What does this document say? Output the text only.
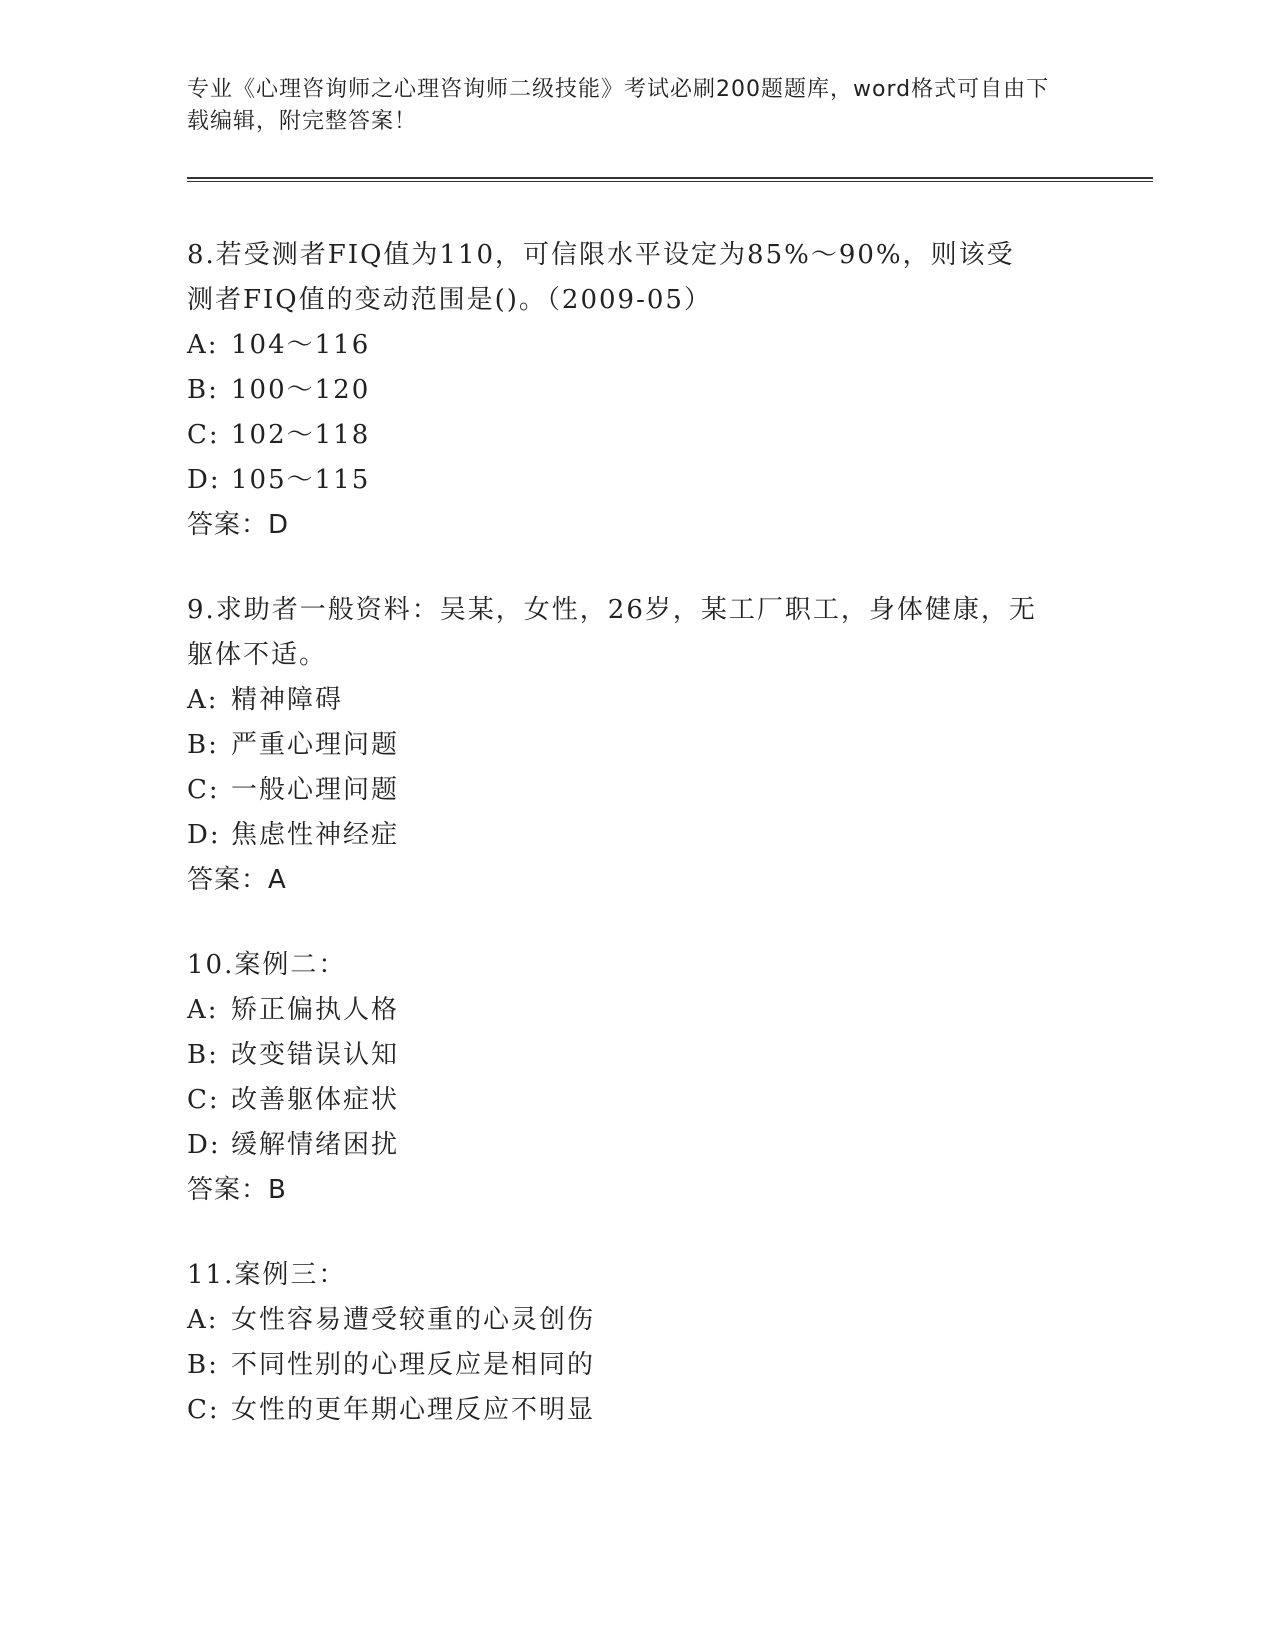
专业《心理咨询师之心理咨询师二级技能》考试必刷200题题库，word格式可自由下载编辑，附完整答案！

8.若受测者FIQ值为110，可信限水平设定为85%～90%，则该受测者FIQ值的变动范围是()。（2009-05）

A: 104～116
B: 100～120
C: 102～118
D: 105～115
答案：D

9.求助者一般资料：吴某，女性，26岁，某工厂职工，身体健康，无躯体不适。

A: 精神障碍
B: 严重心理问题
C: 一般心理问题
D: 焦虑性神经症
答案：A

10.案例二：

A: 矫正偏执人格
B: 改变错误认知
C: 改善躯体症状
D: 缓解情绪困扰
答案：B

11.案例三：

A: 女性容易遭受较重的心灵创伤
B: 不同性别的心理反应是相同的
C: 女性的更年期心理反应不明显
